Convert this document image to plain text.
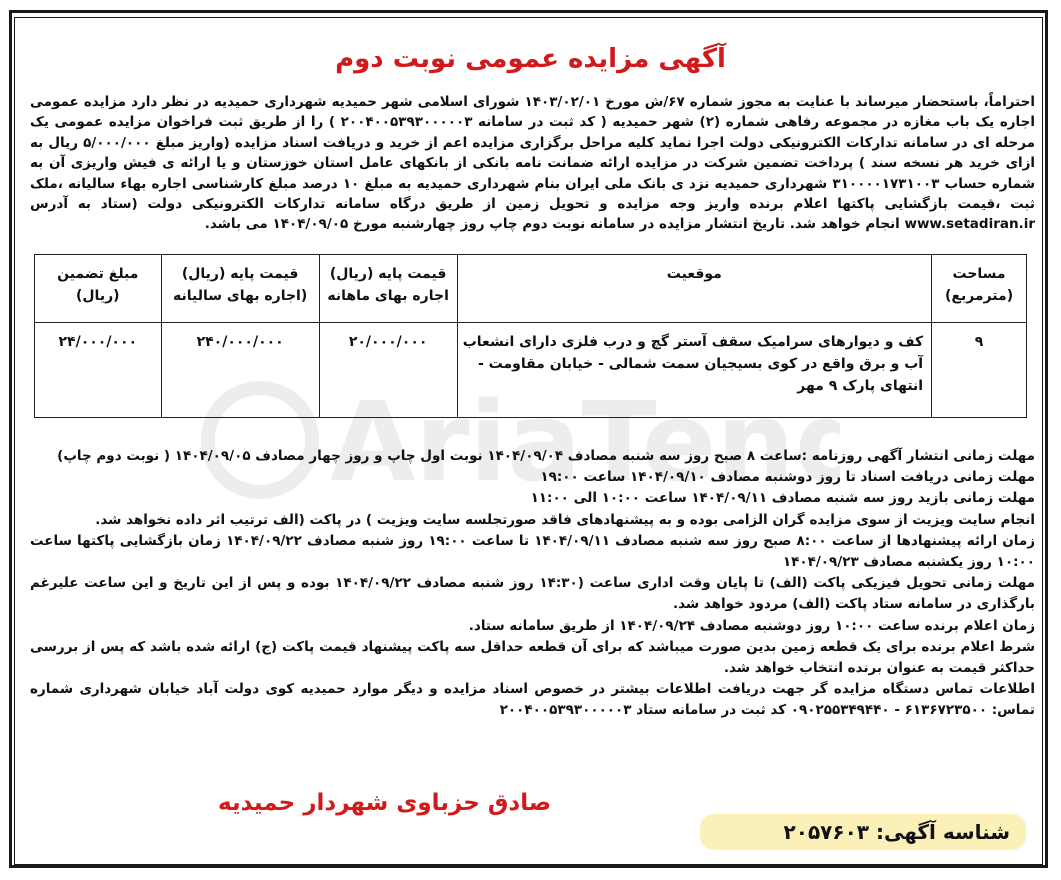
AriaTend
آگهی مزایده عمومی نوبت دوم
احتراماً، باستحضار میرساند با عنایت به مجوز شماره ۶۷/ش مورخ ۱۴۰۳/۰۲/۰۱ شورای اسلامی شهر حمیدیه شهرداری حمیدیه در نظر دارد مزایده عمومی اجاره یک باب مغازه در مجموعه رفاهی شماره (۲) شهر حمیدیه ( کد ثبت در سامانه ۲۰۰۴۰۰۵۳۹۳۰۰۰۰۰۳ ) را از طریق ثبت فراخوان مزایده عمومی یک مرحله ای در سامانه تدارکات الکترونیکی دولت اجرا نماید کلیه مراحل برگزاری مزایده اعم از خرید و دریافت اسناد مزایده (واریز مبلغ ۵/۰۰۰/۰۰۰ ریال به ازای خرید هر نسخه سند ) پرداخت تضمین شرکت در مزایده ارائه ضمانت نامه بانکی از بانکهای عامل استان خوزستان و یا ارائه ی فیش واریزی آن به شماره حساب ۳۱۰۰۰۰۱۷۳۱۰۰۳ شهرداری حمیدیه نزد ی بانک ملی ایران بنام شهرداری حمیدیه به مبلغ ۱۰ درصد مبلغ کارشناسی اجاره بهاء سالیانه ،ملک ثبت ،قیمت بازگشایی پاکتها اعلام برنده واریز وجه مزایده و تحویل زمین از طریق درگاه سامانه تدارکات الکترونیکی دولت (ستاد به آدرس www.setadiran.ir انجام خواهد شد. تاریخ انتشار مزایده در سامانه نوبت دوم چاپ روز چهارشنبه مورخ ۱۴۰۴/۰۹/۰۵ می باشد.
مساحت (مترمربع)	موقعیت	قیمت پایه (ریال) اجاره بهای ماهانه	قیمت پایه (ریال) (اجاره بهای سالیانه	مبلغ تضمین (ریال)
۹	کف و دیوارهای سرامیک سقف آستر گچ و درب فلزی دارای انشعاب آب و برق واقع در کوی بسیجیان سمت شمالی - خیابان مقاومت - انتهای پارک ۹ مهر	۲۰/۰۰۰/۰۰۰	۲۴۰/۰۰۰/۰۰۰	۲۴/۰۰۰/۰۰۰

مهلت زمانی انتشار آگهی روزنامه :ساعت ۸ صبح روز سه شنبه مصادف ۱۴۰۴/۰۹/۰۴ نوبت اول چاپ و روز چهار مصادف ۱۴۰۴/۰۹/۰۵ ( نوبت دوم چاپ)

مهلت زمانی دریافت اسناد تا روز دوشنبه مصادف ۱۴۰۴/۰۹/۱۰ ساعت ۱۹:۰۰

مهلت زمانی بازید روز سه شنبه مصادف ۱۴۰۴/۰۹/۱۱ ساعت ۱۰:۰۰ الی ۱۱:۰۰

انجام سایت ویزیت از سوی مزایده گران الزامی بوده و به پیشنهادهای فاقد صورتجلسه سایت ویزیت ) در پاکت (الف ترتیب اثر داده نخواهد شد.

زمان ارائه پیشنهادها از ساعت ۸:۰۰ صبح روز سه شنبه مصادف ۱۴۰۴/۰۹/۱۱ تا ساعت ۱۹:۰۰ روز شنبه مصادف ۱۴۰۴/۰۹/۲۲ زمان بازگشایی پاکتها ساعت ۱۰:۰۰ روز یکشنبه مصادف ۱۴۰۴/۰۹/۲۳

مهلت زمانی تحویل فیزیکی پاکت (الف) تا پایان وقت اداری ساعت (۱۴:۳۰ روز شنبه مصادف ۱۴۰۴/۰۹/۲۲ بوده و پس از این تاریخ و این ساعت علیرغم بارگذاری در سامانه ستاد پاکت (الف) مردود خواهد شد.

زمان اعلام برنده ساعت ۱۰:۰۰ روز دوشنبه مصادف ۱۴۰۴/۰۹/۲۴ از طریق سامانه ستاد.

شرط اعلام برنده برای یک قطعه زمین بدین صورت میباشد که برای آن قطعه حداقل سه پاکت پیشنهاد قیمت پاکت (ج) ارائه شده باشد که پس از بررسی حداکثر قیمت به عنوان برنده انتخاب خواهد شد.

اطلاعات تماس دستگاه مزایده گر جهت دریافت اطلاعات بیشتر در خصوص اسناد مزایده و دیگر موارد حمیدیه کوی دولت آباد خیابان شهرداری شماره تماس: ۶۱۳۶۷۲۳۵۰۰ - ۰۹۰۲۵۵۳۴۹۴۴۰ کد ثبت در سامانه ستاد ۲۰۰۴۰۰۵۳۹۳۰۰۰۰۰۳

صادق حزباوی شهردار حمیدیه
شناسه آگهی: ۲۰۵۷۶۰۳
